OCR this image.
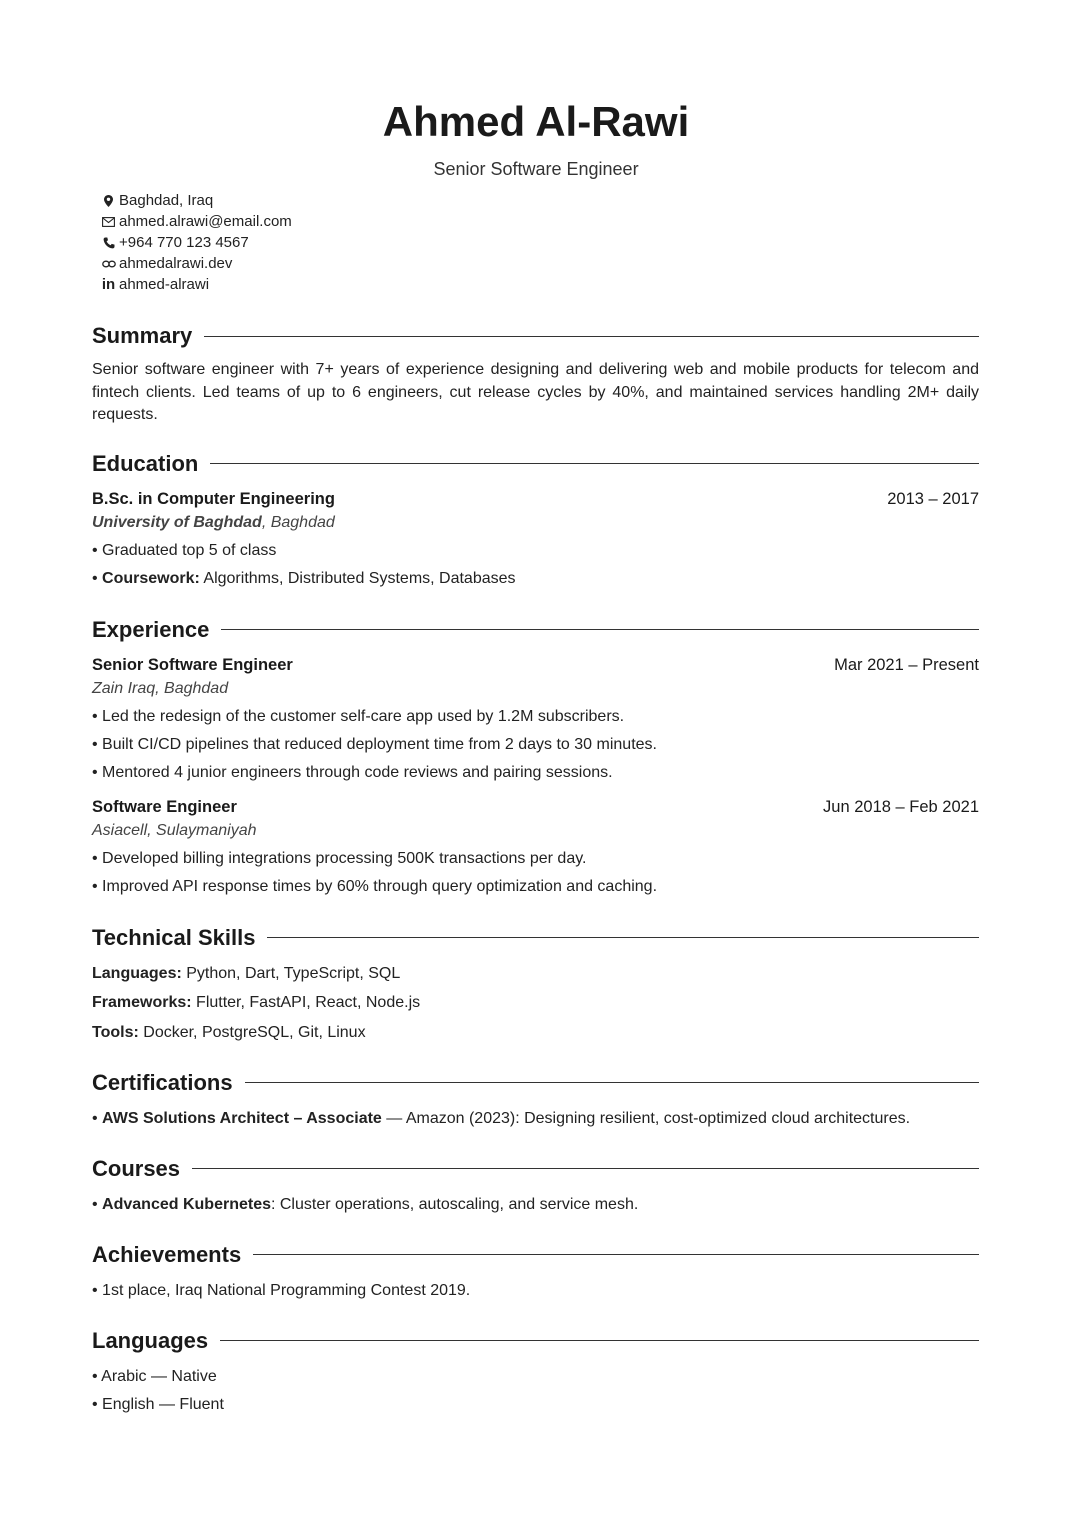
Ahmed Al-Rawi
Senior Software Engineer
Baghdad, Iraq
ahmed.alrawi@email.com
+964 770 123 4567
ahmedalrawi.dev
in ahmed-alrawi
Summary
Senior software engineer with 7+ years of experience designing and delivering web and mobile products for telecom and fintech clients. Led teams of up to 6 engineers, cut release cycles by 40%, and maintained services handling 2M+ daily requests.
Education
B.Sc. in Computer Engineering	2013 – 2017
University of Baghdad, Baghdad
• Graduated top 5 of class
• Coursework: Algorithms, Distributed Systems, Databases
Experience
Senior Software Engineer	Mar 2021 – Present
Zain Iraq, Baghdad
• Led the redesign of the customer self-care app used by 1.2M subscribers.
• Built CI/CD pipelines that reduced deployment time from 2 days to 30 minutes.
• Mentored 4 junior engineers through code reviews and pairing sessions.
Software Engineer	Jun 2018 – Feb 2021
Asiacell, Sulaymaniyah
• Developed billing integrations processing 500K transactions per day.
• Improved API response times by 60% through query optimization and caching.
Technical Skills
Languages: Python, Dart, TypeScript, SQL
Frameworks: Flutter, FastAPI, React, Node.js
Tools: Docker, PostgreSQL, Git, Linux
Certifications
• AWS Solutions Architect – Associate — Amazon (2023): Designing resilient, cost-optimized cloud architectures.
Courses
• Advanced Kubernetes: Cluster operations, autoscaling, and service mesh.
Achievements
• 1st place, Iraq National Programming Contest 2019.
Languages
• Arabic — Native
• English — Fluent
